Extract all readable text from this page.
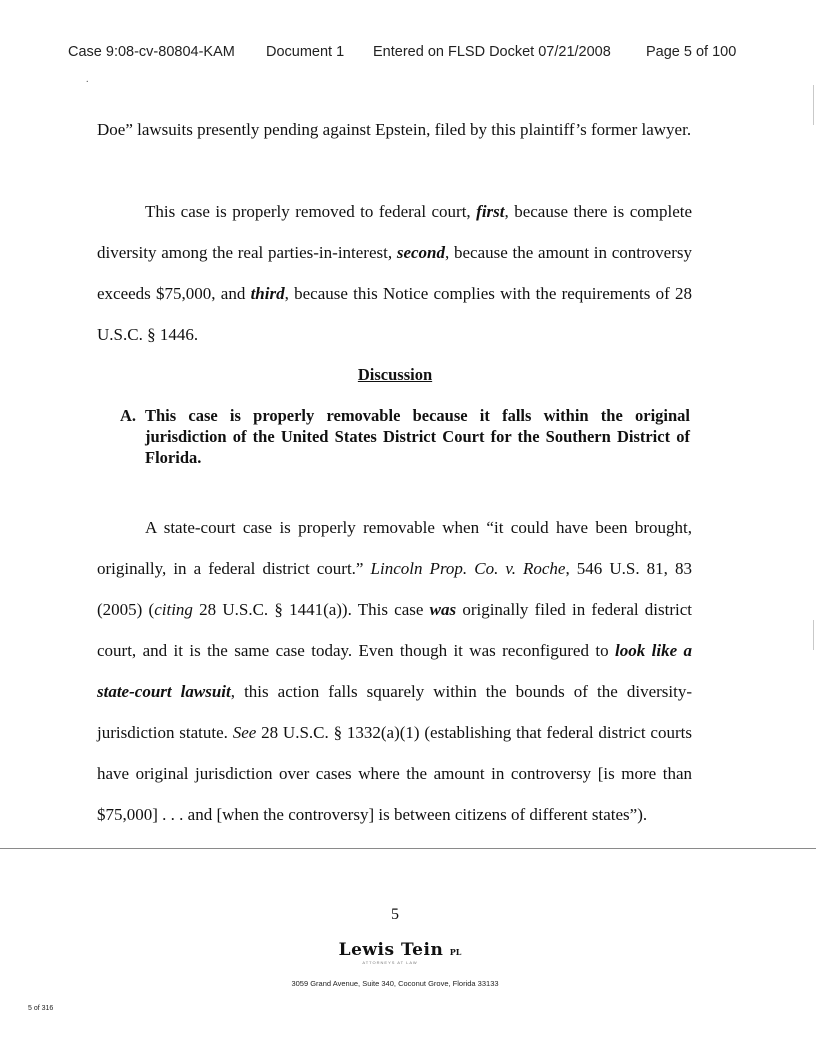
Case 9:08-cv-80804-KAM Document 1 Entered on FLSD Docket 07/21/2008 Page 5 of 100
.
Doe” lawsuits presently pending against Epstein, filed by this plaintiff’s former lawyer.
This case is properly removed to federal court, first, because there is complete diversity among the real parties-in-interest, second, because the amount in controversy exceeds $75,000, and third, because this Notice complies with the requirements of 28 U.S.C. § 1446.
Discussion
A. This case is properly removable because it falls within the original jurisdiction of the United States District Court for the Southern District of Florida.
A state-court case is properly removable when “it could have been brought, originally, in a federal district court.” Lincoln Prop. Co. v. Roche, 546 U.S. 81, 83 (2005) (citing 28 U.S.C. § 1441(a)). This case was originally filed in federal district court, and it is the same case today. Even though it was reconfigured to look like a state-court lawsuit, this action falls squarely within the bounds of the diversity-jurisdiction statute. See 28 U.S.C. § 1332(a)(1) (establishing that federal district courts have original jurisdiction over cases where the amount in controversy [is more than $75,000] . . . and [when the controversy] is between citizens of different states”).
5
Lewis Tein PL
ATTORNEYS AT LAW
3059 Grand Avenue, Suite 340, Coconut Grove, Florida 33133
5 of 316
